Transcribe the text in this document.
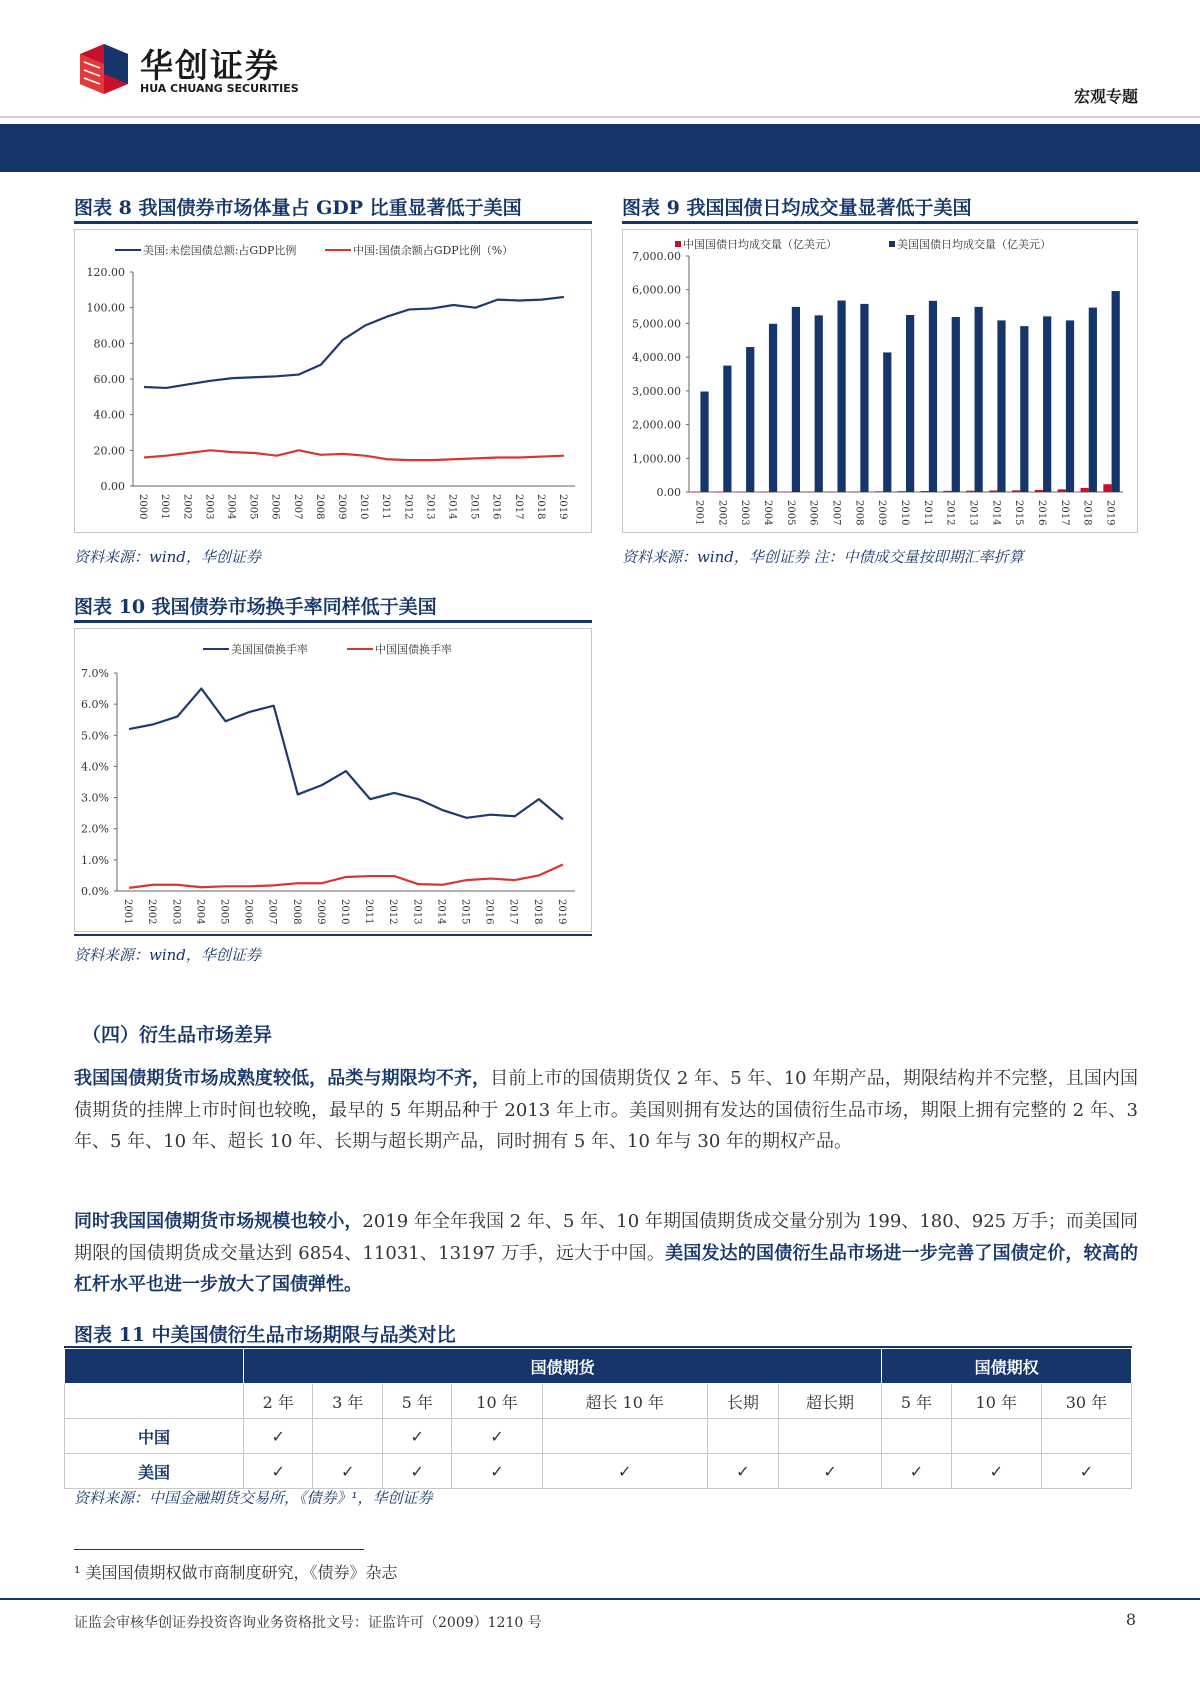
华创证券
HUA CHUANG SECURITIES	宏观专题
图表 8 我国债券市场体量占 GDP 比重显著低于美国
美国:未偿国债总额:占GDP比例	中国:国债余额占GDP比例（%）
120.00
100.00
80.00
60.00
40.00
20.00
0.00
2000 2001 2002 2003 2004 2005 2006 2007 2008 2009 2010 2011 2012 2013 2014 2015 2016 2017 2018 2019
资料来源：wind，华创证券
图表 9 我国国债日均成交量显著低于美国
中国国债日均成交量（亿美元）	美国国债日均成交量（亿美元）
7,000.00
6,000.00
5,000.00
4,000.00
3,000.00
2,000.00
1,000.00
0.00
2001 2002 2003 2004 2005 2006 2007 2008 2009 2010 2011 2012 2013 2014 2015 2016 2017 2018 2019
资料来源：wind，华创证券 注：中债成交量按即期汇率折算
图表 10 我国债券市场换手率同样低于美国
美国国债换手率	中国国债换手率
7.0%
6.0%
5.0%
4.0%
3.0%
2.0%
1.0%
0.0%
2001 2002 2003 2004 2005 2006 2007 2008 2009 2010 2011 2012 2013 2014 2015 2016 2017 2018 2019
资料来源：wind，华创证券
（四）衍生品市场差异
我国国债期货市场成熟度较低，品类与期限均不齐，目前上市的国债期货仅 2 年、5 年、10 年期产品，期限结构并不完整，且国内国债期货的挂牌上市时间也较晚，最早的 5 年期品种于 2013 年上市。美国则拥有发达的国债衍生品市场，期限上拥有完整的 2 年、3 年、5 年、10 年、超长 10 年、长期与超长期产品，同时拥有 5 年、10 年与 30 年的期权产品。
同时我国国债期货市场规模也较小，2019 年全年我国 2 年、5 年、10 年期国债期货成交量分别为 199、180、925 万手；而美国同期限的国债期货成交量达到 6854、11031、13197 万手，远大于中国。美国发达的国债衍生品市场进一步完善了国债定价，较高的杠杆水平也进一步放大了国债弹性。
图表 11 中美国债衍生品市场期限与品类对比
	国债期货							国债期权		
	2 年	3 年	5 年	10 年	超长 10 年	长期	超长期	5 年	10 年	30 年
中国	✓		✓	✓						
美国	✓	✓	✓	✓	✓	✓	✓	✓	✓	✓
资料来源：中国金融期货交易所，《债券》¹，华创证券
¹ 美国国债期权做市商制度研究，《债券》杂志
证监会审核华创证券投资咨询业务资格批文号：证监许可（2009）1210 号	8
